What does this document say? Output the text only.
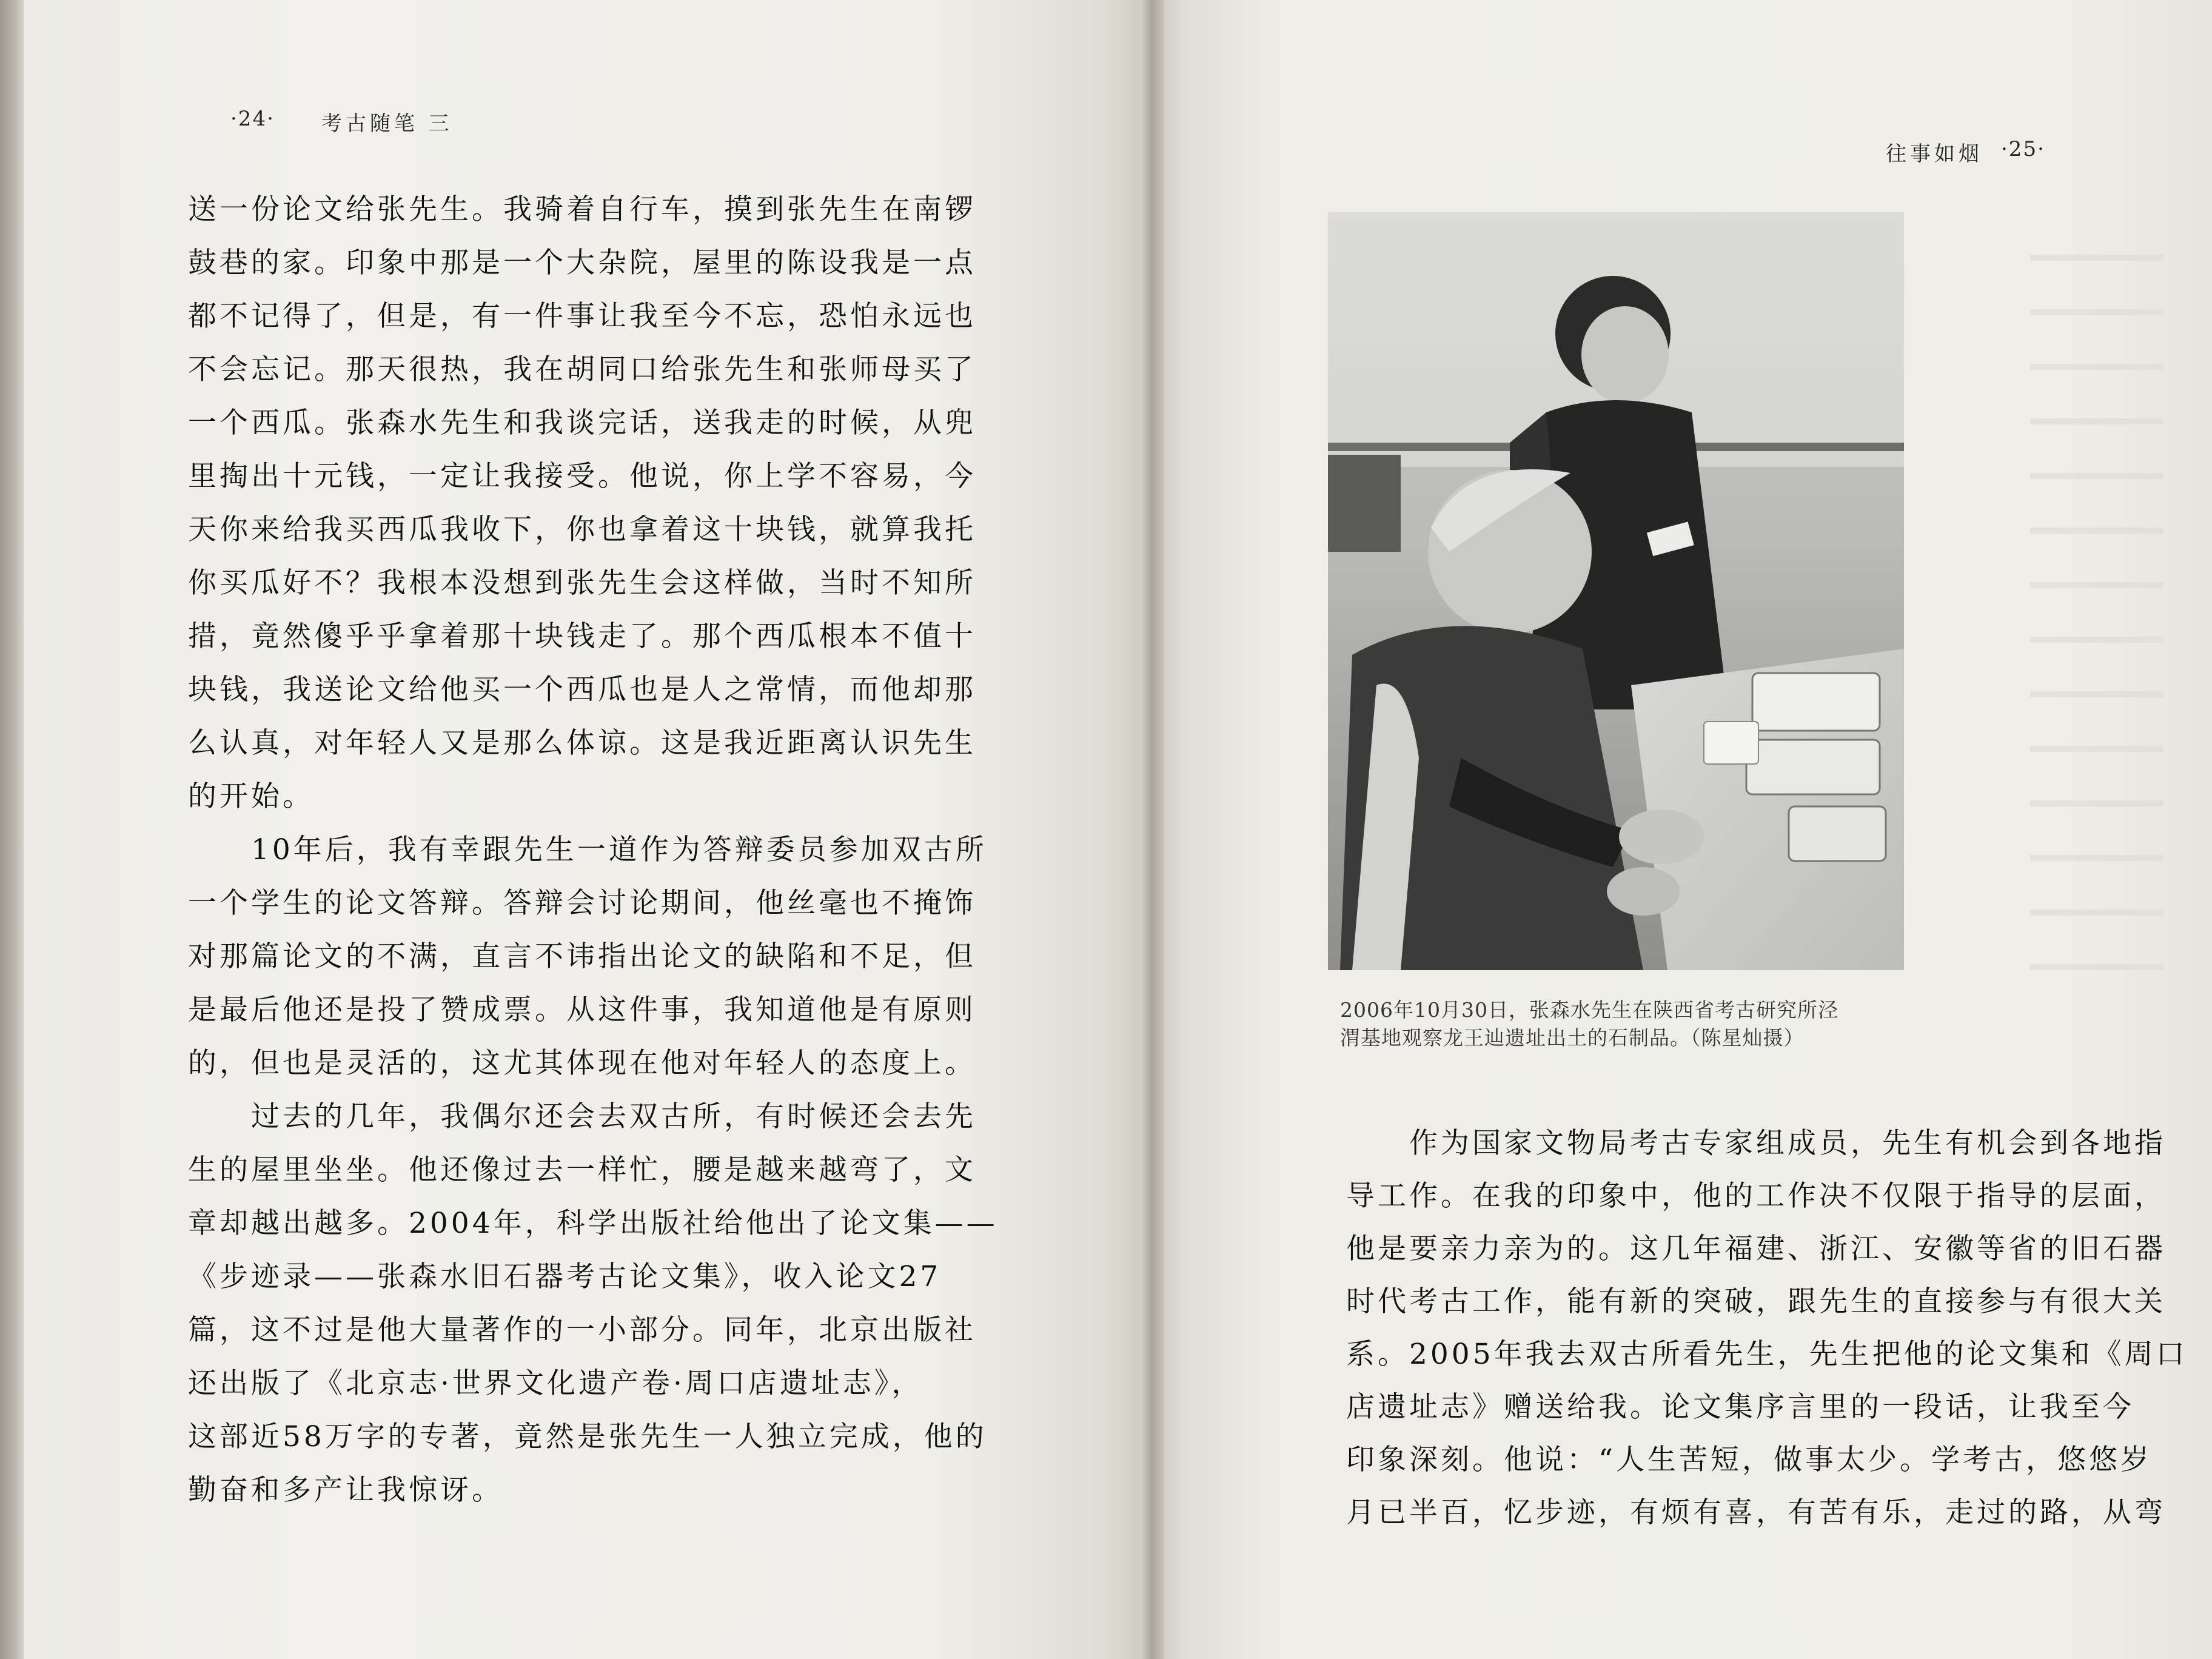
·24· 考古随笔 三
送一份论文给张先生。我骑着自行车，摸到张先生在南锣
鼓巷的家。印象中那是一个大杂院，屋里的陈设我是一点
都不记得了，但是，有一件事让我至今不忘，恐怕永远也
不会忘记。那天很热，我在胡同口给张先生和张师母买了
一个西瓜。张森水先生和我谈完话，送我走的时候，从兜
里掏出十元钱，一定让我接受。他说，你上学不容易，今
天你来给我买西瓜我收下，你也拿着这十块钱，就算我托
你买瓜好不？我根本没想到张先生会这样做，当时不知所
措，竟然傻乎乎拿着那十块钱走了。那个西瓜根本不值十
块钱，我送论文给他买一个西瓜也是人之常情，而他却那
么认真，对年轻人又是那么体谅。这是我近距离认识先生
的开始。
　　10年后，我有幸跟先生一道作为答辩委员参加双古所
一个学生的论文答辩。答辩会讨论期间，他丝毫也不掩饰
对那篇论文的不满，直言不讳指出论文的缺陷和不足，但
是最后他还是投了赞成票。从这件事，我知道他是有原则
的，但也是灵活的，这尤其体现在他对年轻人的态度上。
　　过去的几年，我偶尔还会去双古所，有时候还会去先
生的屋里坐坐。他还像过去一样忙，腰是越来越弯了，文
章却越出越多。2004年，科学出版社给他出了论文集——
《步迹录——张森水旧石器考古论文集》，收入论文27
篇，这不过是他大量著作的一小部分。同年，北京出版社
还出版了《北京志·世界文化遗产卷·周口店遗址志》，
这部近58万字的专著，竟然是张先生一人独立完成，他的
勤奋和多产让我惊讶。
往事如烟 ·25·
2006年10月30日，张森水先生在陕西省考古研究所泾
渭基地观察龙王辿遗址出土的石制品。（陈星灿摄）
　　作为国家文物局考古专家组成员，先生有机会到各地指
导工作。在我的印象中，他的工作决不仅限于指导的层面，
他是要亲力亲为的。这几年福建、浙江、安徽等省的旧石器
时代考古工作，能有新的突破，跟先生的直接参与有很大关
系。2005年我去双古所看先生，先生把他的论文集和《周口
店遗址志》赠送给我。论文集序言里的一段话，让我至今
印象深刻。他说：“人生苦短，做事太少。学考古，悠悠岁
月已半百，忆步迹，有烦有喜，有苦有乐，走过的路，从弯
